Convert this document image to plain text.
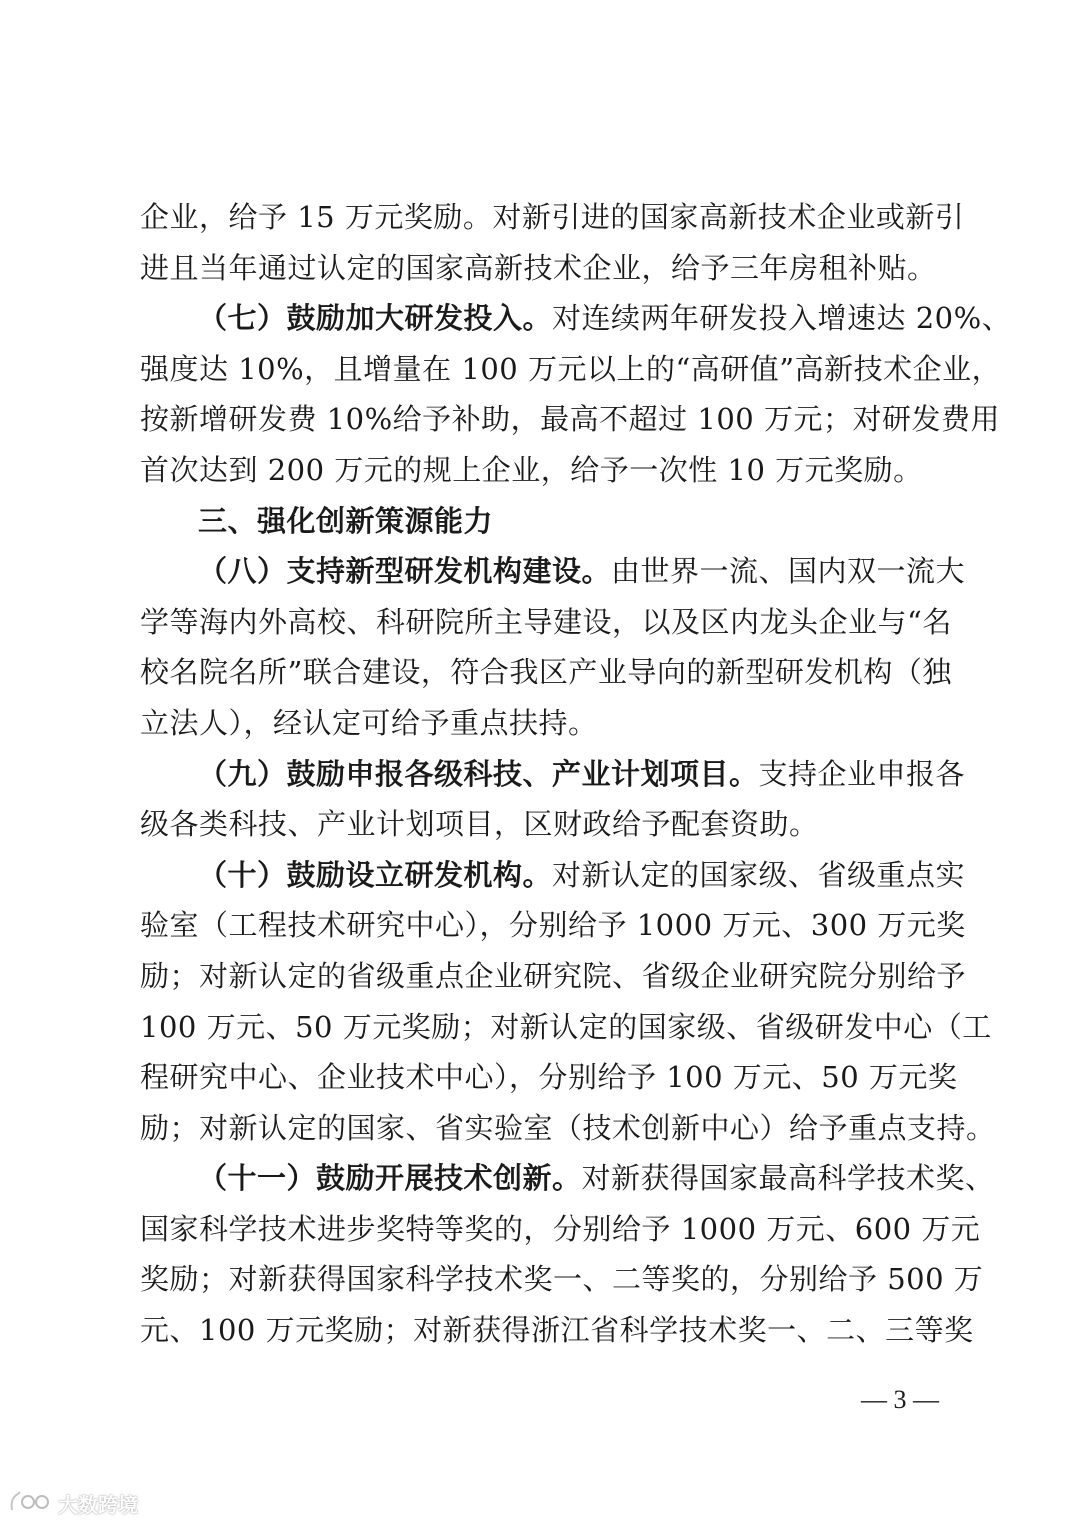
企业，给予 15 万元奖励。对新引进的国家高新技术企业或新引
进且当年通过认定的国家高新技术企业，给予三年房租补贴。
（七）鼓励加大研发投入。对连续两年研发投入增速达 20%、
强度达 10%，且增量在 100 万元以上的“高研值”高新技术企业，
按新增研发费 10%给予补助，最高不超过 100 万元；对研发费用
首次达到 200 万元的规上企业，给予一次性 10 万元奖励。
三、强化创新策源能力
（八）支持新型研发机构建设。由世界一流、国内双一流大
学等海内外高校、科研院所主导建设，以及区内龙头企业与“名
校名院名所”联合建设，符合我区产业导向的新型研发机构（独
立法人），经认定可给予重点扶持。
（九）鼓励申报各级科技、产业计划项目。支持企业申报各
级各类科技、产业计划项目，区财政给予配套资助。
（十）鼓励设立研发机构。对新认定的国家级、省级重点实
验室（工程技术研究中心），分别给予 1000 万元、300 万元奖
励；对新认定的省级重点企业研究院、省级企业研究院分别给予
100 万元、50 万元奖励；对新认定的国家级、省级研发中心（工
程研究中心、企业技术中心），分别给予 100 万元、50 万元奖
励；对新认定的国家、省实验室（技术创新中心）给予重点支持。
（十一）鼓励开展技术创新。对新获得国家最高科学技术奖、
国家科学技术进步奖特等奖的，分别给予 1000 万元、600 万元
奖励；对新获得国家科学技术奖一、二等奖的，分别给予 500 万
元、100 万元奖励；对新获得浙江省科学技术奖一、二、三等奖
— 3 —
大数跨境
